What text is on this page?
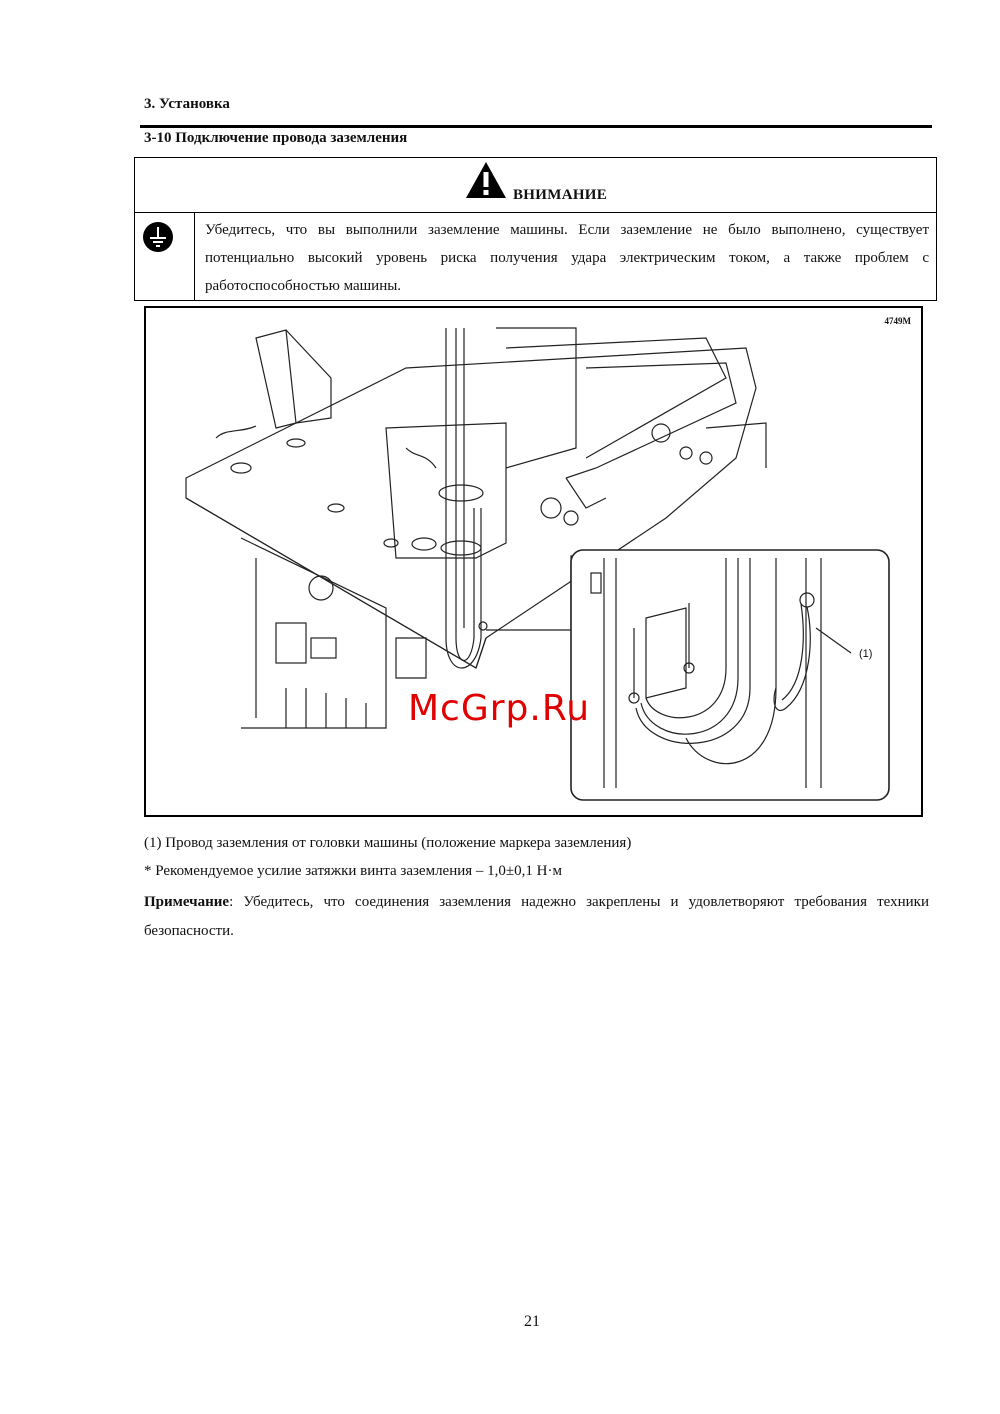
3. Установка
3-10 Подключение провода заземления
ВНИМАНИЕ
Убедитесь, что вы выполнили заземление машины. Если заземление не было выполнено, существует потенциально высокий уровень риска получения удара электрическим током, а также проблем с работоспособностью машины.
4749M
(1)
McGrp.Ru
(1) Провод заземления от головки машины (положение маркера заземления)
* Рекомендуемое усилие затяжки винта заземления – 1,0±0,1 Н·м
Примечание: Убедитесь, что соединения заземления надежно закреплены и удовлетворяют требования техники безопасности.
21
